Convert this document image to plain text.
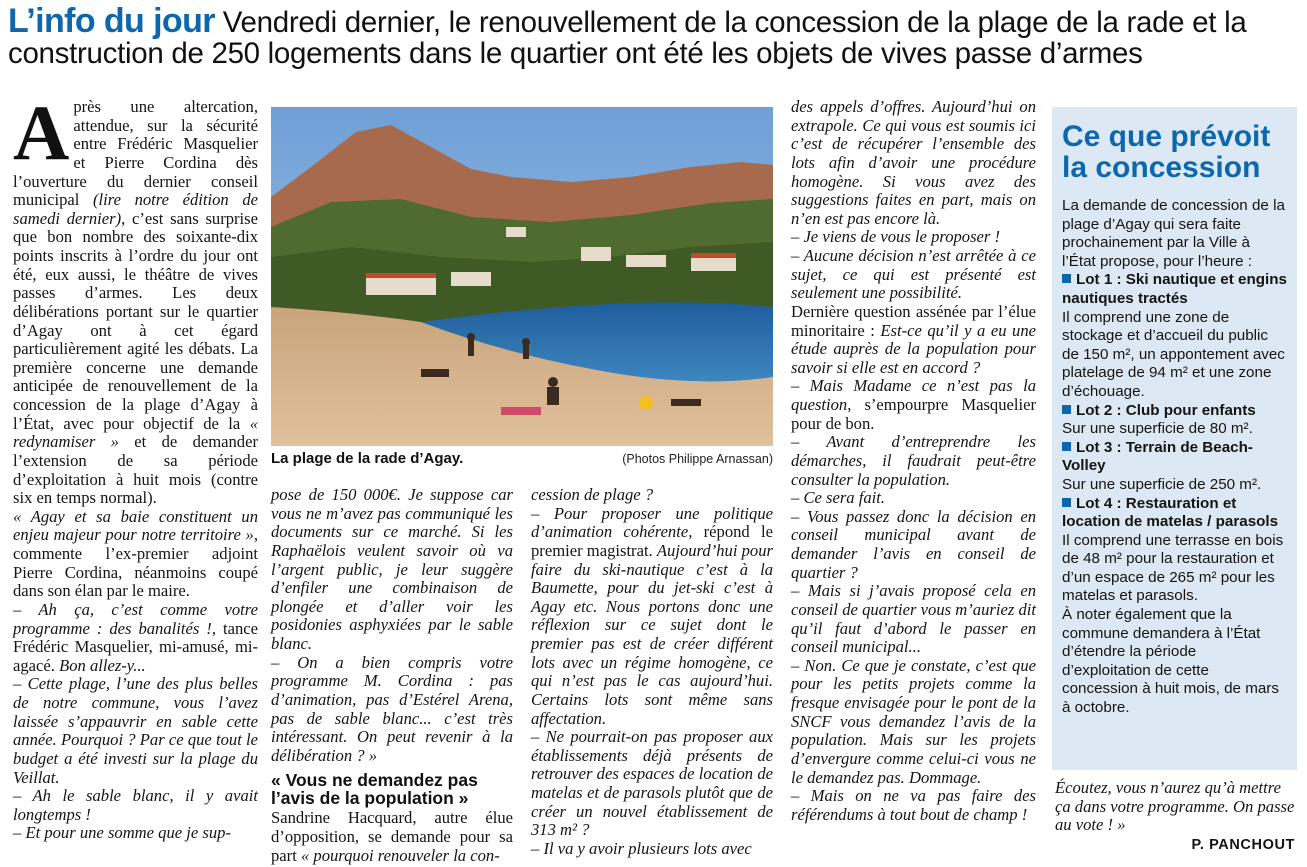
L’info du jour Vendredi dernier, le renouvellement de la concession de la plage de la rade et la construction de 250 logements dans le quartier ont été les objets de vives passe d’armes

Après une altercation, attendue, sur la sécurité entre Frédéric Masquelier et Pierre Cordina dès l’ouverture du dernier conseil municipal (lire notre édition de samedi dernier), c’est sans surprise que bon nombre des soixante-dix points inscrits à l’ordre du jour ont été, eux aussi, le théâtre de vives passes d’armes. Les deux délibérations portant sur le quartier d’Agay ont à cet égard particulièrement agité les débats. La première concerne une demande anticipée de renouvellement de la concession de la plage d’Agay à l’État, avec pour objectif de la « redynamiser » et de demander l’extension de sa période d’exploitation à huit mois (contre six en temps normal).

« Agay et sa baie constituent un enjeu majeur pour notre territoire », commente l’ex-premier adjoint Pierre Cordina, néanmoins coupé dans son élan par le maire.

– Ah ça, c’est comme votre programme : des banalités !, tance Frédéric Masquelier, mi-amusé, mi-agacé. Bon allez-y...

– Cette plage, l’une des plus belles de notre commune, vous l’avez laissée s’appauvrir en sable cette année. Pourquoi ? Par ce que tout le budget a été investi sur la plage du Veillat.

– Ah le sable blanc, il y avait longtemps !

– Et pour une somme que je sup-

La plage de la rade d’Agay.	(Photos Philippe Arnassan)

pose de 150 000€. Je suppose car vous ne m’avez pas communiqué les documents sur ce marché. Si les Raphaëlois veulent savoir où va l’argent public, je leur suggère d’enfiler une combinaison de plongée et d’aller voir les posidonies asphyxiées par le sable blanc.

– On a bien compris votre programme M. Cordina : pas d’animation, pas d’Estérel Arena, pas de sable blanc... c’est très intéressant. On peut revenir à la délibération ? »

« Vous ne demandez pas l’avis de la population »

Sandrine Hacquard, autre élue d’opposition, se demande pour sa part « pourquoi renouveler la con-

cession de plage ?

– Pour proposer une politique d’animation cohérente, répond le premier magistrat. Aujourd’hui pour faire du ski-nautique c’est à la Baumette, pour du jet-ski c’est à Agay etc. Nous portons donc une réflexion sur ce sujet dont le premier pas est de créer différent lots avec un régime homogène, ce qui n’est pas le cas aujourd’hui. Certains lots sont même sans affectation.

– Ne pourrait-on pas proposer aux établissements déjà présents de retrouver des espaces de location de matelas et de parasols plutôt que de créer un nouvel établissement de 313 m² ?

– Il va y avoir plusieurs lots avec

des appels d’offres. Aujourd’hui on extrapole. Ce qui vous est soumis ici c’est de récupérer l’ensemble des lots afin d’avoir une procédure homogène. Si vous avez des suggestions faites en part, mais on n’en est pas encore là.

– Je viens de vous le proposer !

– Aucune décision n’est arrêtée à ce sujet, ce qui est présenté est seulement une possibilité.

Dernière question assénée par l’élue minoritaire : Est-ce qu’il y a eu une étude auprès de la population pour savoir si elle est en accord ?

– Mais Madame ce n’est pas la question, s’empourpre Masquelier pour de bon.

– Avant d’entreprendre les démarches, il faudrait peut-être consulter la population.

– Ce sera fait.

– Vous passez donc la décision en conseil municipal avant de demander l’avis en conseil de quartier ?

– Mais si j’avais proposé cela en conseil de quartier vous m’auriez dit qu’il faut d’abord le passer en conseil municipal...

– Non. Ce que je constate, c’est que pour les petits projets comme la fresque envisagée pour le pont de la SNCF vous demandez l’avis de la population. Mais sur les projets d’envergure comme celui-ci vous ne le demandez pas. Dommage.

– Mais on ne va pas faire des référendums à tout bout de champ !

Ce que prévoit la concession

La demande de concession de la plage d’Agay qui sera faite prochainement par la Ville à l’État propose, pour l’heure :

Lot 1 : Ski nautique et engins nautiques tractés

Il comprend une zone de stockage et d’accueil du public de 150 m², un appontement avec platelage de 94 m² et une zone d’échouage.

Lot 2 : Club pour enfants

Sur une superficie de 80 m².

Lot 3 : Terrain de Beach-Volley

Sur une superficie de 250 m².

Lot 4 : Restauration et location de matelas / parasols

Il comprend une terrasse en bois de 48 m² pour la restauration et d’un espace de 265 m² pour les matelas et parasols.

À noter également que la commune demandera à l’État d’étendre la période d’exploitation de cette concession à huit mois, de mars à octobre.

Écoutez, vous n’aurez qu’à mettre ça dans votre programme. On passe au vote ! »
P. PANCHOUT
